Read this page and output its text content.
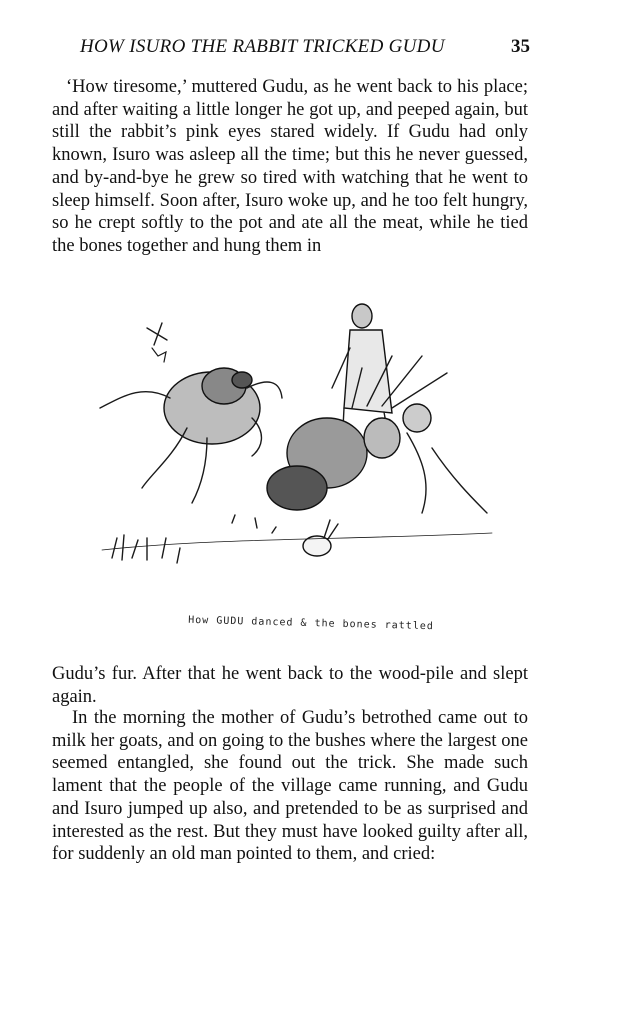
HOW ISURO THE RABBIT TRICKED GUDU	35

‘How tiresome,’ muttered Gudu, as he went back to his place; and after waiting a little longer he got up, and peeped again, but still the rabbit’s pink eyes stared widely. If Gudu had only known, Isuro was asleep all the time; but this he never guessed, and by-and-bye he grew so tired with watching that he went to sleep himself. Soon after, Isuro woke up, and he too felt hungry, so he crept softly to the pot and ate all the meat, while he tied the bones together and hung them in

How GUDU danced & the bones rattled

Gudu’s fur. After that he went back to the wood-pile and slept again.

In the morning the mother of Gudu’s betrothed came out to milk her goats, and on going to the bushes where the largest one seemed entangled, she found out the trick. She made such lament that the people of the village came running, and Gudu and Isuro jumped up also, and pretended to be as surprised and interested as the rest. But they must have looked guilty after all, for suddenly an old man pointed to them, and cried:
